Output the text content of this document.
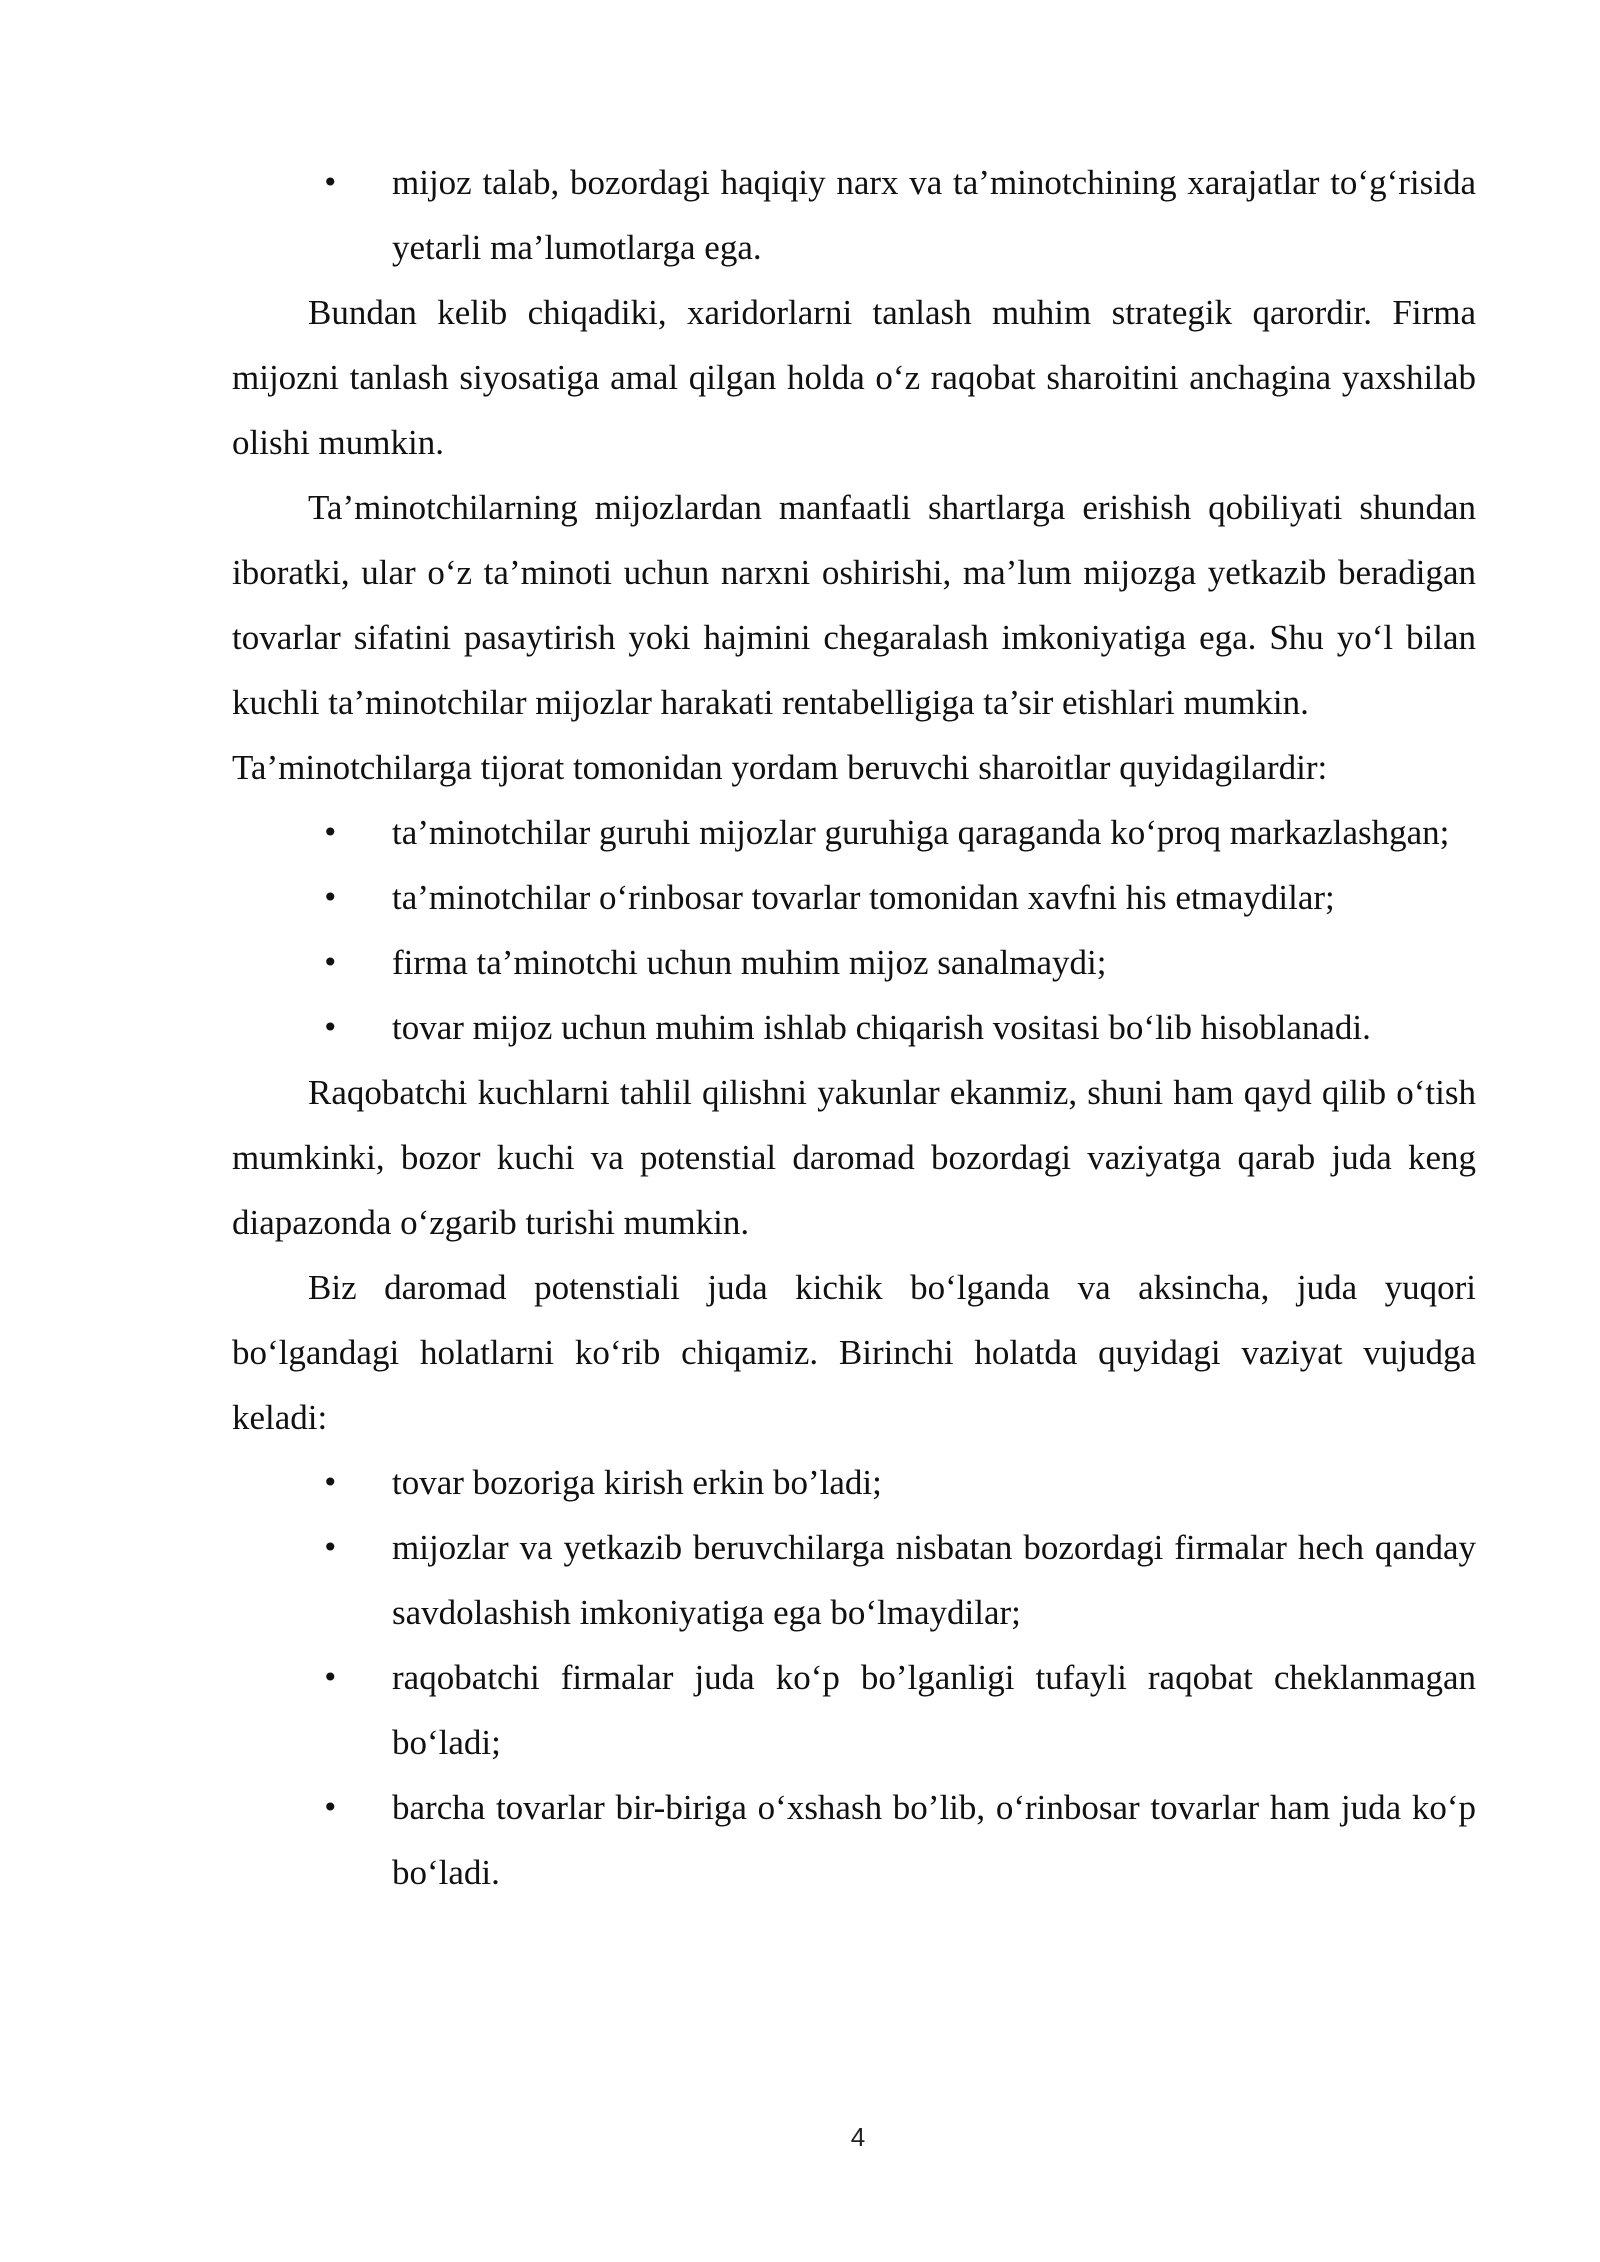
• mijoz talab, bozordagi haqiqiy narx va ta’minotchining xarajatlar to‘g‘risida yetarli ma’lumotlarga ega.

Bundan kelib chiqadiki, xaridorlarni tanlash muhim strategik qarordir. Firma mijozni tanlash siyosatiga amal qilgan holda o‘z raqobat sharoitini anchagina yaxshilab olishi mumkin.

Ta’minotchilarning mijozlardan manfaatli shartlarga erishish qobiliyati shundan iboratki, ular o‘z ta’minoti uchun narxni oshirishi, ma’lum mijozga yetkazib beradigan tovarlar sifatini pasaytirish yoki hajmini chegaralash imkoniyatiga ega. Shu yo‘l bilan kuchli ta’minotchilar mijozlar harakati rentabelligiga ta’sir etishlari mumkin.

Ta’minotchilarga tijorat tomonidan yordam beruvchi sharoitlar quyidagilardir:

• ta’minotchilar guruhi mijozlar guruhiga qaraganda ko‘proq markazlashgan;
• ta’minotchilar o‘rinbosar tovarlar tomonidan xavfni his etmaydilar;
• firma ta’minotchi uchun muhim mijoz sanalmaydi;
• tovar mijoz uchun muhim ishlab chiqarish vositasi bo‘lib hisoblanadi.

Raqobatchi kuchlarni tahlil qilishni yakunlar ekanmiz, shuni ham qayd qilib o‘tish mumkinki, bozor kuchi va potenstial daromad bozordagi vaziyatga qarab juda keng diapazonda o‘zgarib turishi mumkin.

Biz daromad potenstiali juda kichik bo‘lganda va aksincha, juda yuqori bo‘lgandagi holatlarni ko‘rib chiqamiz. Birinchi holatda quyidagi vaziyat vujudga keladi:

• tovar bozoriga kirish erkin bo’ladi;
• mijozlar va yetkazib beruvchilarga nisbatan bozordagi firmalar hech qanday savdolashish imkoniyatiga ega bo‘lmaydilar;
• raqobatchi firmalar juda ko‘p bo’lganligi tufayli raqobat cheklanmagan bo‘ladi;
• barcha tovarlar bir-biriga o‘xshash bo’lib, o‘rinbosar tovarlar ham juda ko‘p bo‘ladi.
4
